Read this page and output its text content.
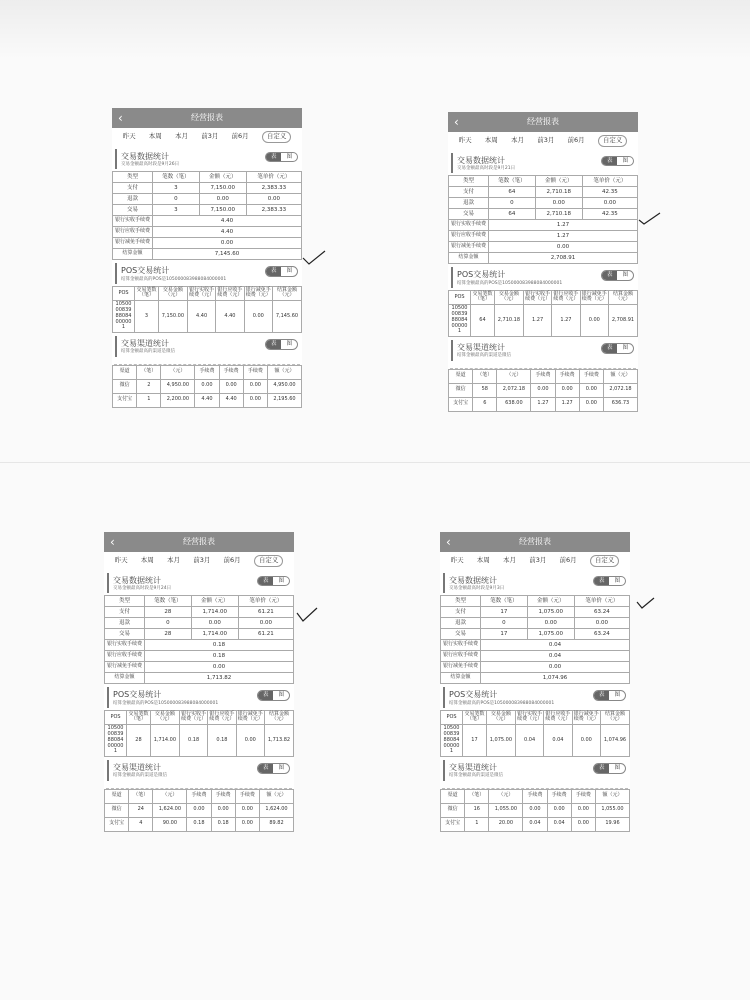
‹	经营报表
昨天 本周 本月 前3月 前6月	自定义
交易数据统计
交易金额最高时段是9月26日
表	图
类型	笔数（笔）	金额（元）	笔单价（元）
支付	3	7,150.00	2,383.33
退款	0	0.00	0.00
交易	3	7,150.00	2,383.33
银行实收手续费	4.40		
银行应收手续费	4.40		
银行减免手续费	0.00		
结算金额	7,145.60		
POS交易统计
结算金额最高的POS是105000083988084000001
表	图
POS	交易笔数（笔）	交易金额（元）	银行实收手续费（元）	银行应收手续费（元）	银行减免手续费（元）	结算金额（元）
105000083988084000001	3	7,150.00	4.40	4.40	0.00	7,145.60
交易渠道统计
结算金额最高的渠道是微信
表	图
渠道	（笔）	（元）	手续费	手续费	手续费	额（元）
微信	2	4,950.00	0.00	0.00	0.00	4,950.00
支付宝	1	2,200.00	4.40	4.40	0.00	2,195.60
‹	经营报表
昨天 本周 本月 前3月 前6月	自定义
交易数据统计
交易金额最高时段是9月21日
表	图
类型	笔数（笔）	金额（元）	笔单价（元）
支付	64	2,710.18	42.35
退款	0	0.00	0.00
交易	64	2,710.18	42.35
银行实收手续费	1.27		
银行应收手续费	1.27		
银行减免手续费	0.00		
结算金额	2,708.91		
POS交易统计
结算金额最高的POS是105000083988084000001
表	图
POS	交易笔数（笔）	交易金额（元）	银行实收手续费（元）	银行应收手续费（元）	银行减免手续费（元）	结算金额（元）
105000083988084000001	64	2,710.18	1.27	1.27	0.00	2,708.91
交易渠道统计
结算金额最高的渠道是微信
表	图
渠道	（笔）	（元）	手续费	手续费	手续费	额（元）
微信	58	2,072.18	0.00	0.00	0.00	2,072.18
支付宝	6	638.00	1.27	1.27	0.00	636.73
‹	经营报表
昨天 本周 本月 前3月 前6月	自定义
交易数据统计
交易金额最高时段是9月24日
表	图
类型	笔数（笔）	金额（元）	笔单价（元）
支付	28	1,714.00	61.21
退款	0	0.00	0.00
交易	28	1,714.00	61.21
银行实收手续费	0.18		
银行应收手续费	0.18		
银行减免手续费	0.00		
结算金额	1,713.82		
POS交易统计
结算金额最高的POS是105000083988084000001
表	图
POS	交易笔数（笔）	交易金额（元）	银行实收手续费（元）	银行应收手续费（元）	银行减免手续费（元）	结算金额（元）
105000083988084000001	28	1,714.00	0.18	0.18	0.00	1,713.82
交易渠道统计
结算金额最高的渠道是微信
表	图
渠道	（笔）	（元）	手续费	手续费	手续费	额（元）
微信	24	1,624.00	0.00	0.00	0.00	1,624.00
支付宝	4	90.00	0.18	0.18	0.00	89.82
‹	经营报表
昨天 本周 本月 前3月 前6月	自定义
交易数据统计
交易金额最高时段是9月3日
表	图
类型	笔数（笔）	金额（元）	笔单价（元）
支付	17	1,075.00	63.24
退款	0	0.00	0.00
交易	17	1,075.00	63.24
银行实收手续费	0.04		
银行应收手续费	0.04		
银行减免手续费	0.00		
结算金额	1,074.96		
POS交易统计
结算金额最高的POS是105000083988084000001
表	图
POS	交易笔数（笔）	交易金额（元）	银行实收手续费（元）	银行应收手续费（元）	银行减免手续费（元）	结算金额（元）
105000083988084000001	17	1,075.00	0.04	0.04	0.00	1,074.96
交易渠道统计
结算金额最高的渠道是微信
表	图
渠道	（笔）	（元）	手续费	手续费	手续费	额（元）
微信	16	1,055.00	0.00	0.00	0.00	1,055.00
支付宝	1	20.00	0.04	0.04	0.00	19.96
